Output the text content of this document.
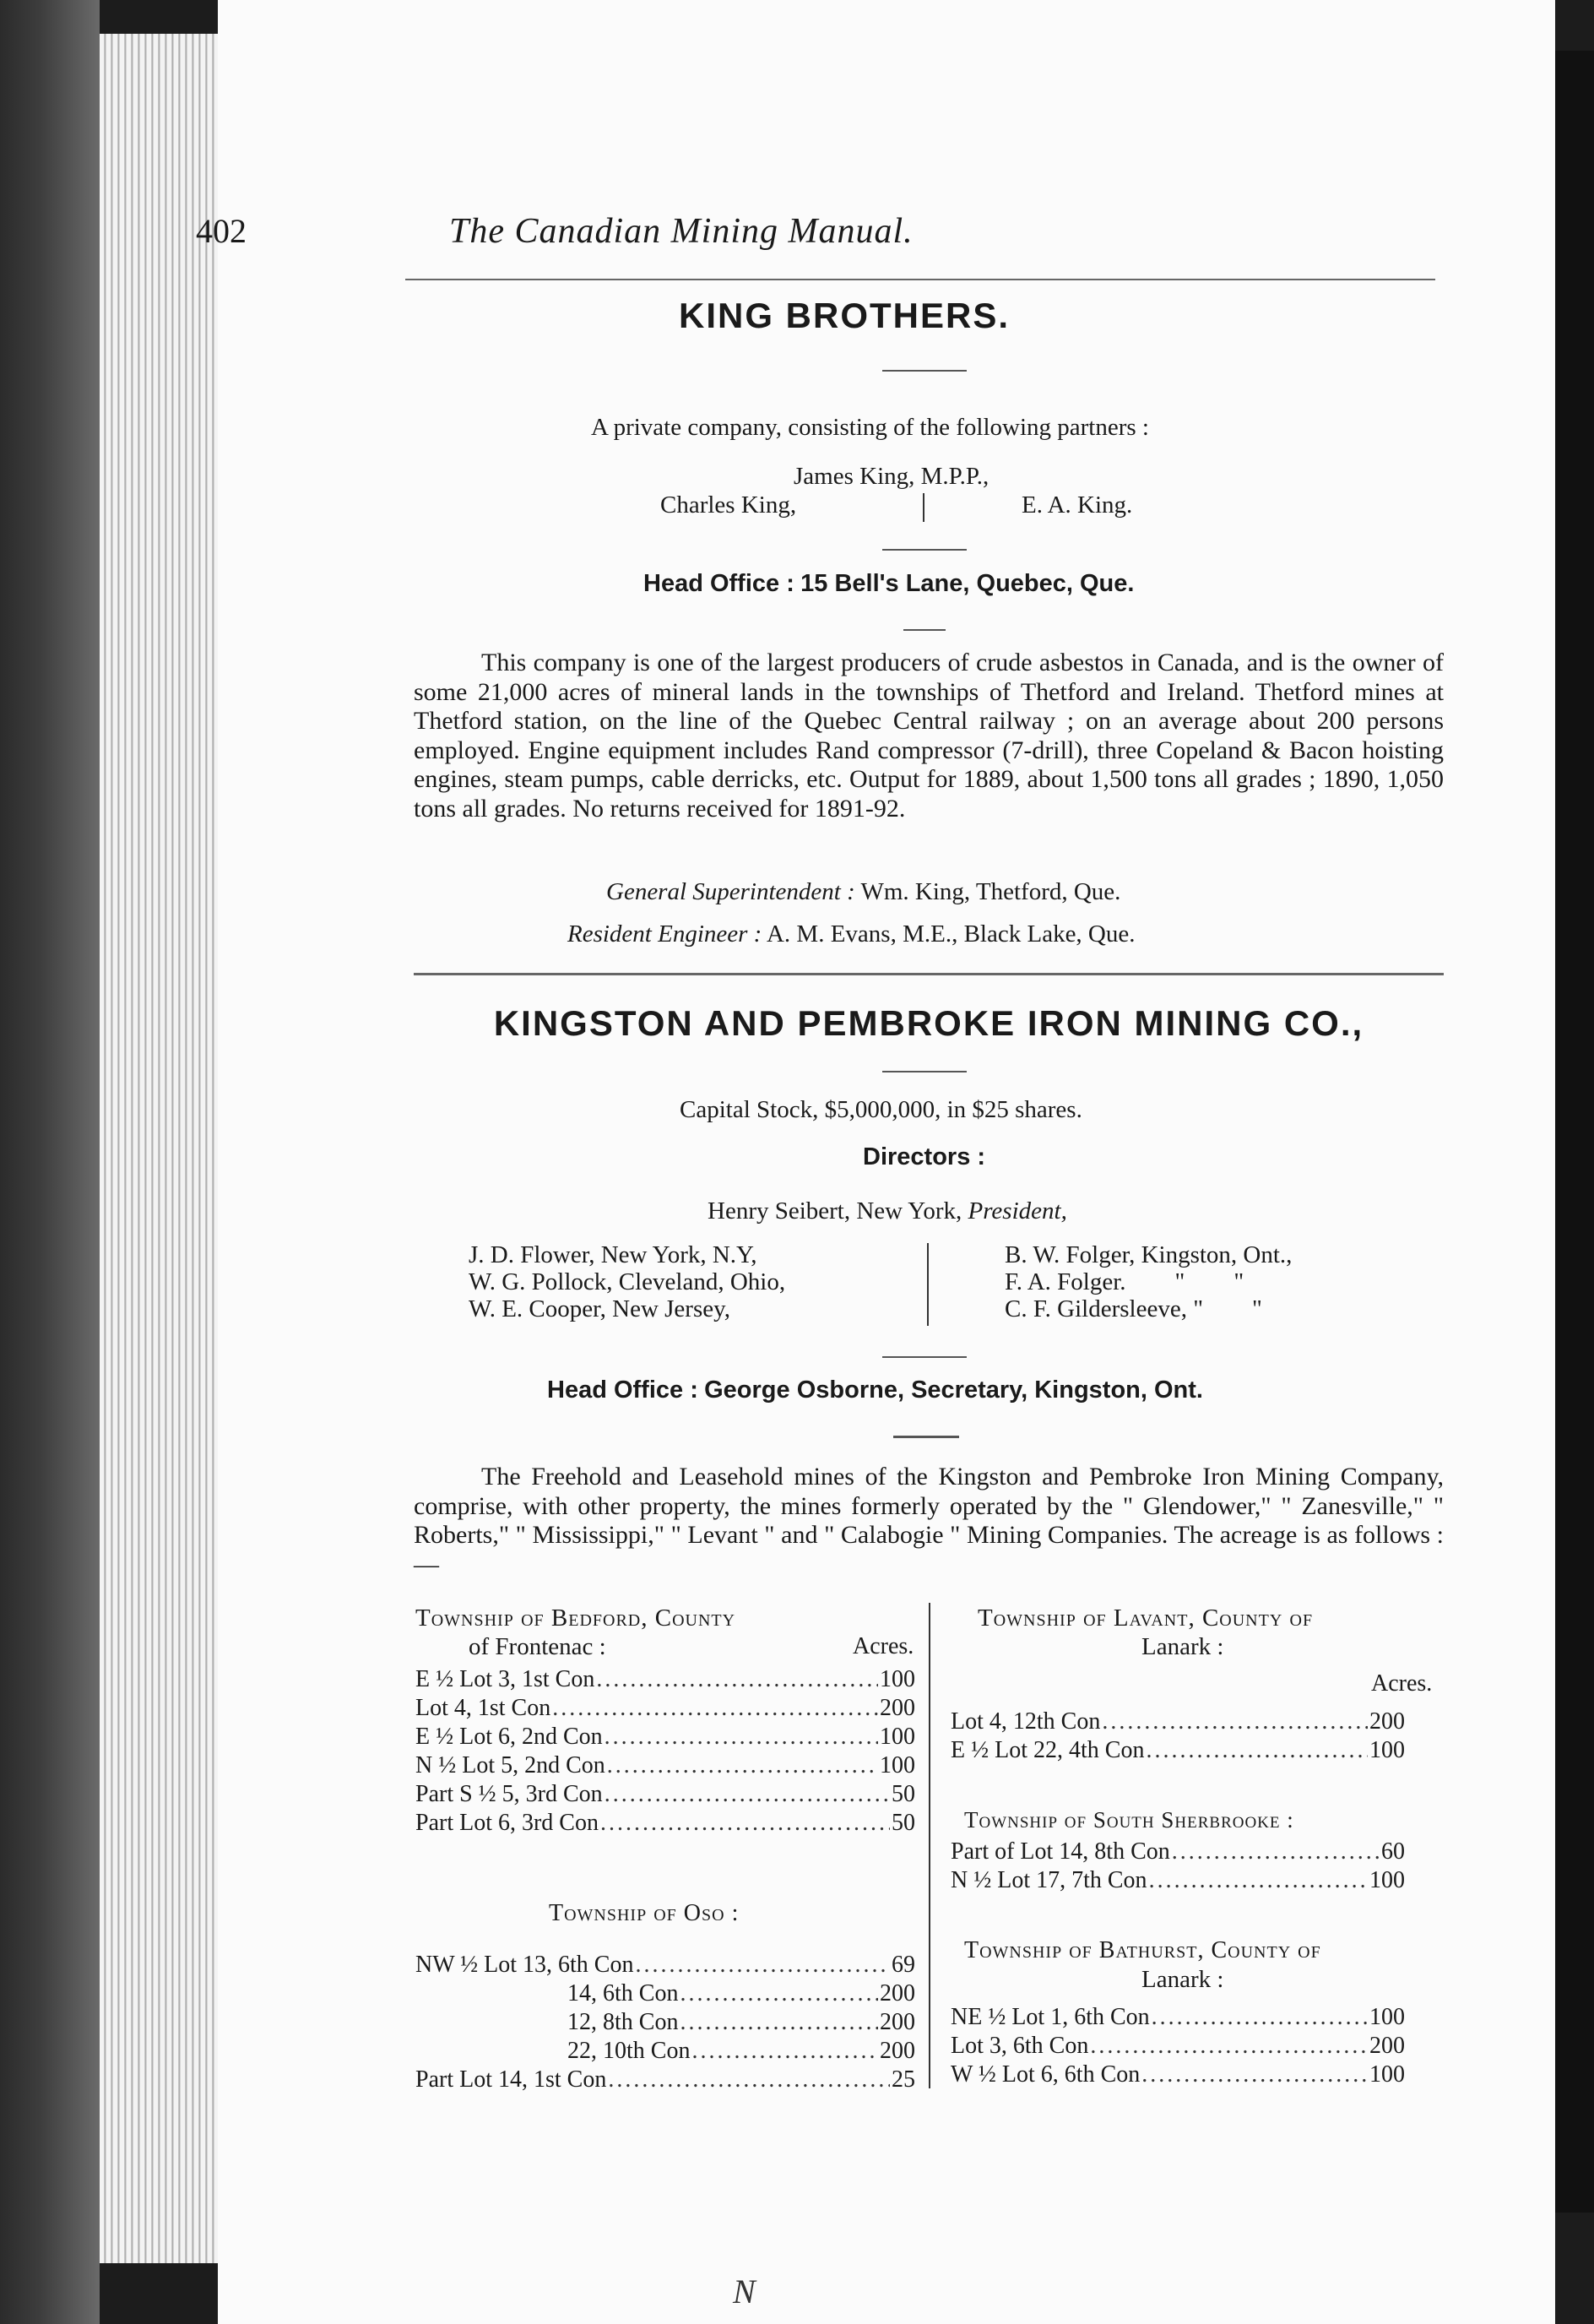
402	The Canadian Mining Manual.
KING BROTHERS.
A private company, consisting of the following partners :
James King, M.P.P.,
Charles King,	E. A. King.
Head Office : 15 Bell's Lane, Quebec, Que.

This company is one of the largest producers of crude asbestos in Canada, and is the owner of some 21,000 acres of mineral lands in the townships of Thetford and Ireland. Thetford mines at Thetford station, on the line of the Quebec Central railway ; on an average about 200 persons employed. Engine equipment includes Rand compressor (7-drill), three Copeland & Bacon hoisting engines, steam pumps, cable derricks, etc. Output for 1889, about 1,500 tons all grades ; 1890, 1,050 tons all grades. No returns received for 1891-92.

General Superintendent : Wm. King, Thetford, Que.
Resident Engineer : A. M. Evans, M.E., Black Lake, Que.
KINGSTON AND PEMBROKE IRON MINING CO.,
Capital Stock, $5,000,000, in $25 shares.
Directors :
Henry Seibert, New York, President,
J. D. Flower, New York, N.Y,
W. G. Pollock, Cleveland, Ohio,
W. E. Cooper, New Jersey,
B. W. Folger, Kingston, Ont.,
F. A. Folger.        "        "
C. F. Gildersleeve, "        "
Head Office : George Osborne, Secretary, Kingston, Ont.

The Freehold and Leasehold mines of the Kingston and Pembroke Iron Mining Company, comprise, with other property, the mines formerly operated by the " Glendower," " Zanesville," " Roberts," " Mississippi," " Levant " and " Calabogie " Mining Companies. The acreage is as follows :—

Township of Bedford, County
of Frontenac :	Acres.
E ½ Lot 3, 1st Con .....	100
Lot 4, 1st Con .....	200
E ½ Lot 6, 2nd Con .....	100
N ½ Lot 5, 2nd Con .....	100
Part S ½ 5, 3rd Con .....	50
Part Lot 6, 3rd Con .....	50
Township of Oso :
NW ½ Lot 13, 6th Con .....	69
14, 6th Con .....	200
12, 8th Con .....	200
22, 10th Con .....	200
Part Lot 14, 1st Con .....	25
Township of Lavant, County of
Lanark :
Acres.
Lot 4, 12th Con .....	200
E ½ Lot 22, 4th Con .....	100
Township of South Sherbrooke :
Part of Lot 14, 8th Con .....	60
N ½ Lot 17, 7th Con .....	100
Township of Bathurst, County of
Lanark :
NE ½ Lot 1, 6th Con .....	100
Lot 3, 6th Con .....	200
W ½ Lot 6, 6th Con .....	100
N
